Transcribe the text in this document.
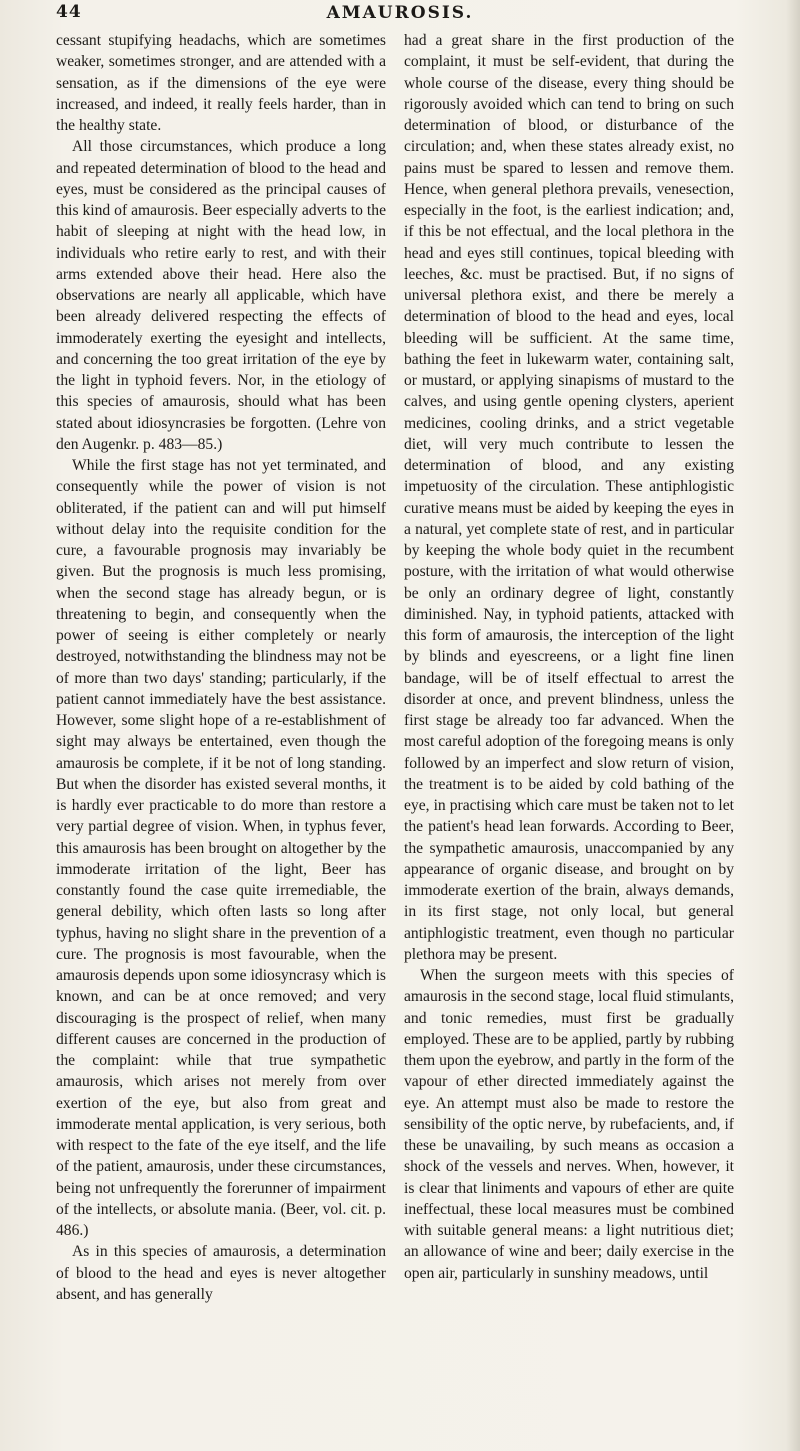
44	AMAUROSIS.

cessant stupifying headachs, which are sometimes weaker, sometimes stronger, and are attended with a sensation, as if the dimensions of the eye were increased, and indeed, it really feels harder, than in the healthy state.

All those circumstances, which produce a long and repeated determination of blood to the head and eyes, must be considered as the principal causes of this kind of amaurosis. Beer especially adverts to the habit of sleeping at night with the head low, in individuals who retire early to rest, and with their arms extended above their head. Here also the observations are nearly all applicable, which have been already delivered respecting the effects of immoderately exerting the eyesight and intellects, and concerning the too great irritation of the eye by the light in typhoid fevers. Nor, in the etiology of this species of amaurosis, should what has been stated about idiosyncrasies be forgotten. (Lehre von den Augenkr. p. 483—85.)

While the first stage has not yet terminated, and consequently while the power of vision is not obliterated, if the patient can and will put himself without delay into the requisite condition for the cure, a favourable prognosis may invariably be given. But the prognosis is much less promising, when the second stage has already begun, or is threatening to begin, and consequently when the power of seeing is either completely or nearly destroyed, notwithstanding the blindness may not be of more than two days' standing; particularly, if the patient cannot immediately have the best assistance. However, some slight hope of a re-establishment of sight may always be entertained, even though the amaurosis be complete, if it be not of long standing. But when the disorder has existed several months, it is hardly ever practicable to do more than restore a very partial degree of vision. When, in typhus fever, this amaurosis has been brought on altogether by the immoderate irritation of the light, Beer has constantly found the case quite irremediable, the general debility, which often lasts so long after typhus, having no slight share in the prevention of a cure. The prognosis is most favourable, when the amaurosis depends upon some idiosyncrasy which is known, and can be at once removed; and very discouraging is the prospect of relief, when many different causes are concerned in the production of the complaint: while that true sympathetic amaurosis, which arises not merely from over exertion of the eye, but also from great and immoderate mental application, is very serious, both with respect to the fate of the eye itself, and the life of the patient, amaurosis, under these circumstances, being not unfrequently the forerunner of impairment of the intellects, or absolute mania. (Beer, vol. cit. p. 486.)

As in this species of amaurosis, a determination of blood to the head and eyes is never altogether absent, and has generally

had a great share in the first production of the complaint, it must be self-evident, that during the whole course of the disease, every thing should be rigorously avoided which can tend to bring on such determination of blood, or disturbance of the circulation; and, when these states already exist, no pains must be spared to lessen and remove them. Hence, when general plethora prevails, venesection, especially in the foot, is the earliest indication; and, if this be not effectual, and the local plethora in the head and eyes still continues, topical bleeding with leeches, &c. must be practised. But, if no signs of universal plethora exist, and there be merely a determination of blood to the head and eyes, local bleeding will be sufficient. At the same time, bathing the feet in lukewarm water, containing salt, or mustard, or applying sinapisms of mustard to the calves, and using gentle opening clysters, aperient medicines, cooling drinks, and a strict vegetable diet, will very much contribute to lessen the determination of blood, and any existing impetuosity of the circulation. These antiphlogistic curative means must be aided by keeping the eyes in a natural, yet complete state of rest, and in particular by keeping the whole body quiet in the recumbent posture, with the irritation of what would otherwise be only an ordinary degree of light, constantly diminished. Nay, in typhoid patients, attacked with this form of amaurosis, the interception of the light by blinds and eyescreens, or a light fine linen bandage, will be of itself effectual to arrest the disorder at once, and prevent blindness, unless the first stage be already too far advanced. When the most careful adoption of the foregoing means is only followed by an imperfect and slow return of vision, the treatment is to be aided by cold bathing of the eye, in practising which care must be taken not to let the patient's head lean forwards. According to Beer, the sympathetic amaurosis, unaccompanied by any appearance of organic disease, and brought on by immoderate exertion of the brain, always demands, in its first stage, not only local, but general antiphlogistic treatment, even though no particular plethora may be present.

When the surgeon meets with this species of amaurosis in the second stage, local fluid stimulants, and tonic remedies, must first be gradually employed. These are to be applied, partly by rubbing them upon the eyebrow, and partly in the form of the vapour of ether directed immediately against the eye. An attempt must also be made to restore the sensibility of the optic nerve, by rubefacients, and, if these be unavailing, by such means as occasion a shock of the vessels and nerves. When, however, it is clear that liniments and vapours of ether are quite ineffectual, these local measures must be combined with suitable general means: a light nutritious diet; an allowance of wine and beer; daily exercise in the open air, particularly in sunshiny meadows, until
